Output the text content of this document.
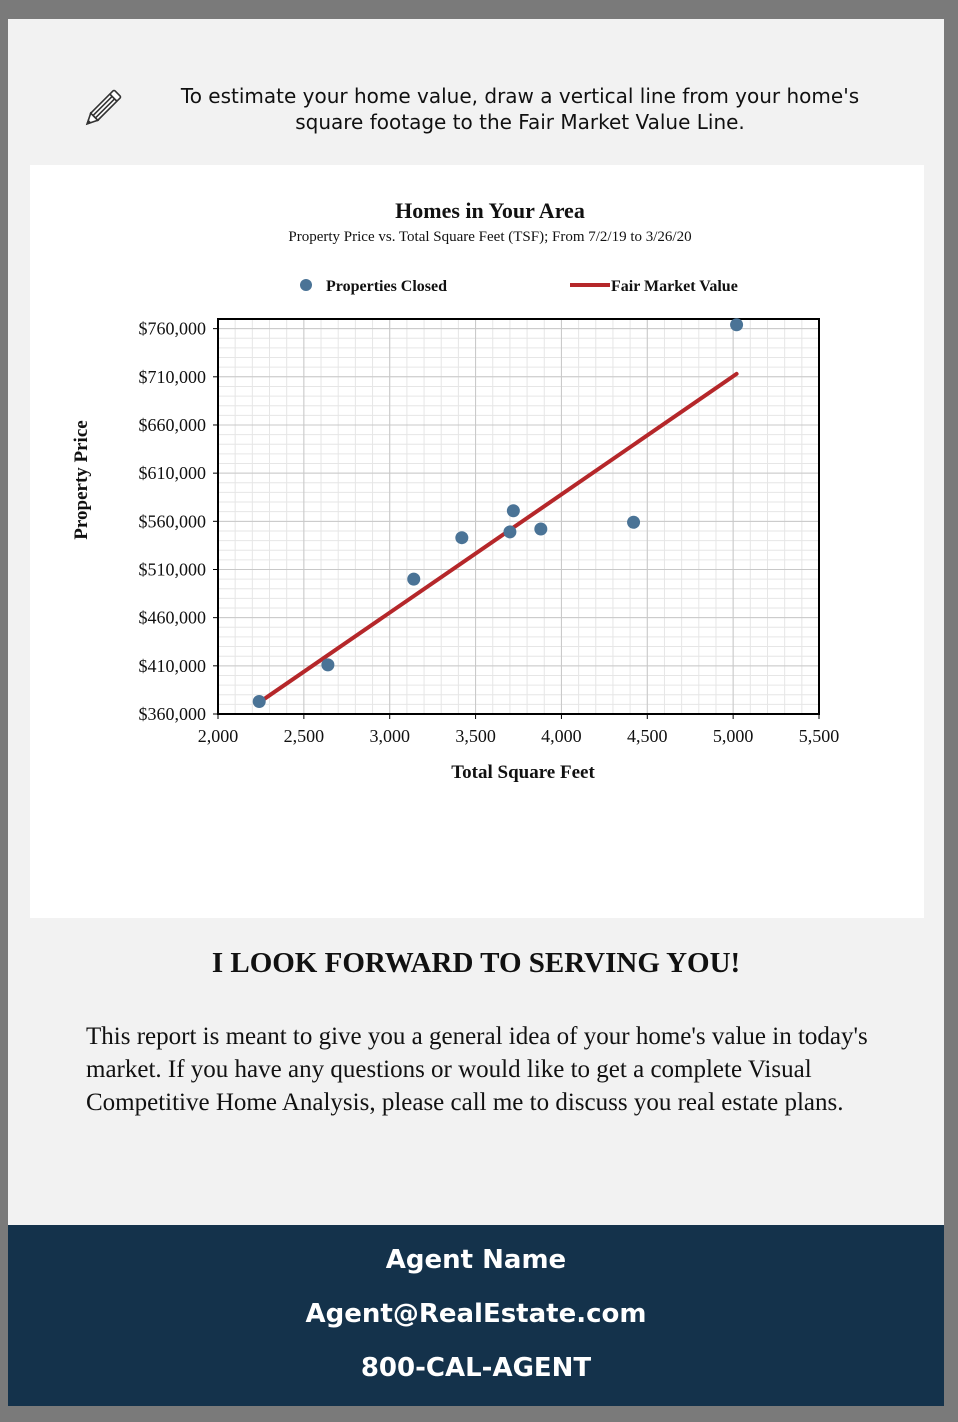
To estimate your home value, draw a vertical line from your home's
square footage to the Fair Market Value Line.
2,000	2,500	3,000	3,500	4,000	4,500	5,000	5,500
$360,000
$410,000
$460,000
$510,000
$560,000
$610,000
$660,000
$710,000
$760,000
Homes in Your Area
Property Price vs. Total Square Feet (TSF); From 7/2/19 to 3/26/20
Total Square Feet
Property Price
Properties Closed	Fair Market Value
I LOOK FORWARD TO SERVING YOU!
This report is meant to give you a general idea of your home's value in today's market. If you have any questions or would like to get a complete Visual Competitive Home Analysis, please call me to discuss you real estate plans.
Agent Name
Agent@RealEstate.com
800-CAL-AGENT
